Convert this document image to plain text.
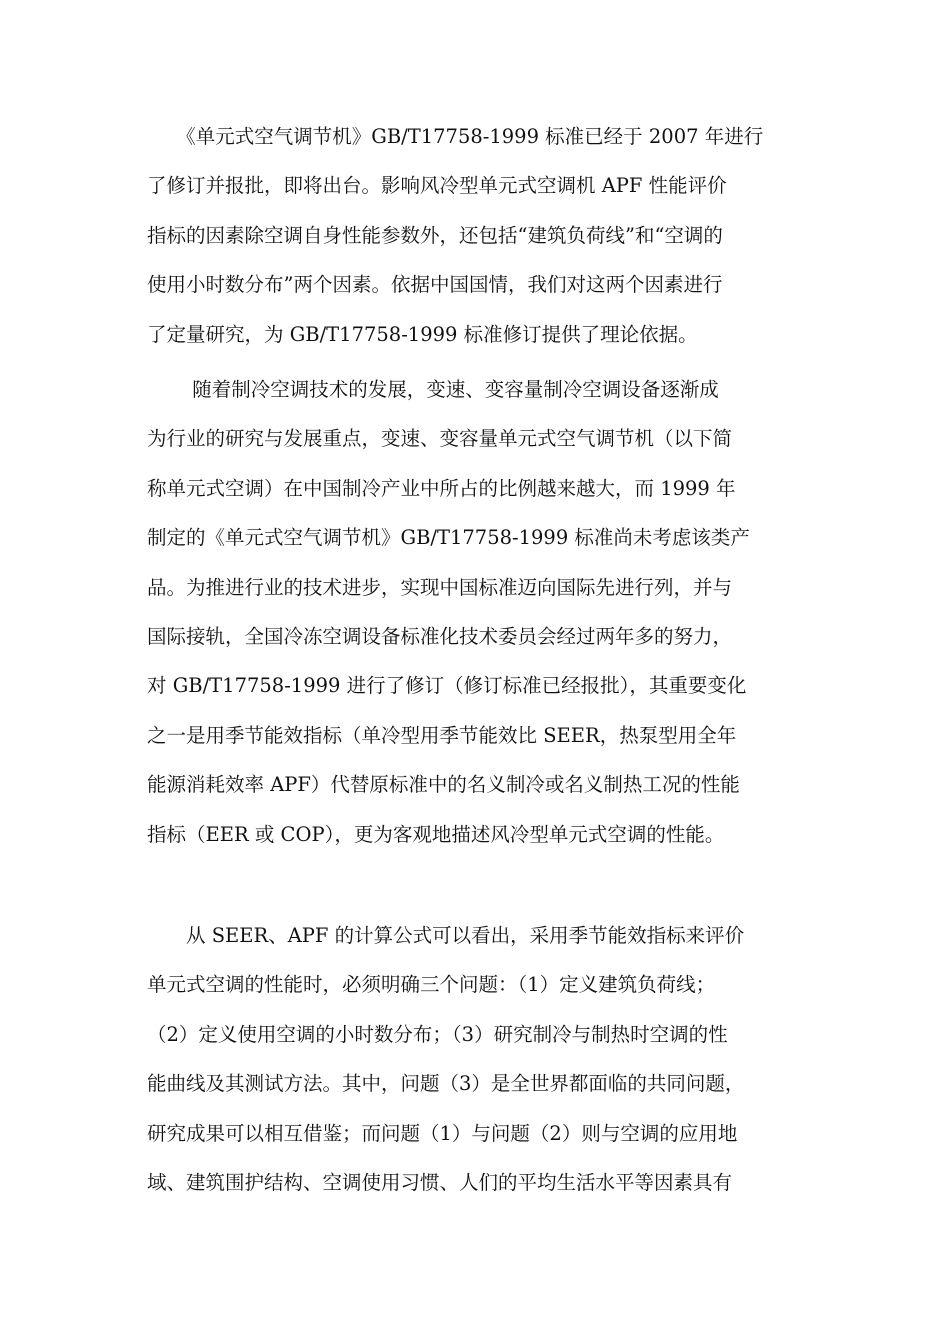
　　《单元式空气调节机》GB/T17758-1999 标准已经于 2007 年进行
了修订并报批，即将出台。影响风冷型单元式空调机 APF 性能评价
指标的因素除空调自身性能参数外，还包括“建筑负荷线”和“空调的
使用小时数分布”两个因素。依据中国国情，我们对这两个因素进行
了定量研究，为 GB/T17758-1999 标准修订提供了理论依据。

　　 随着制冷空调技术的发展，变速、变容量制冷空调设备逐渐成
为行业的研究与发展重点，变速、变容量单元式空气调节机（以下简
称单元式空调）在中国制冷产业中所占的比例越来越大，而 1999 年
制定的《单元式空气调节机》GB/T17758-1999 标准尚未考虑该类产
品。为推进行业的技术进步，实现中国标准迈向国际先进行列，并与
国际接轨，全国冷冻空调设备标准化技术委员会经过两年多的努力，
对 GB/T17758-1999 进行了修订（修订标准已经报批），其重要变化
之一是用季节能效指标（单冷型用季节能效比 SEER，热泵型用全年
能源消耗效率 APF）代替原标准中的名义制冷或名义制热工况的性能
指标（EER 或 COP），更为客观地描述风冷型单元式空调的性能。

　　从 SEER、APF 的计算公式可以看出，采用季节能效指标来评价
单元式空调的性能时，必须明确三个问题：（1）定义建筑负荷线；
（2）定义使用空调的小时数分布；（3）研究制冷与制热时空调的性
能曲线及其测试方法。其中，问题（3）是全世界都面临的共同问题，
研究成果可以相互借鉴；而问题（1）与问题（2）则与空调的应用地
域、建筑围护结构、空调使用习惯、人们的平均生活水平等因素具有
